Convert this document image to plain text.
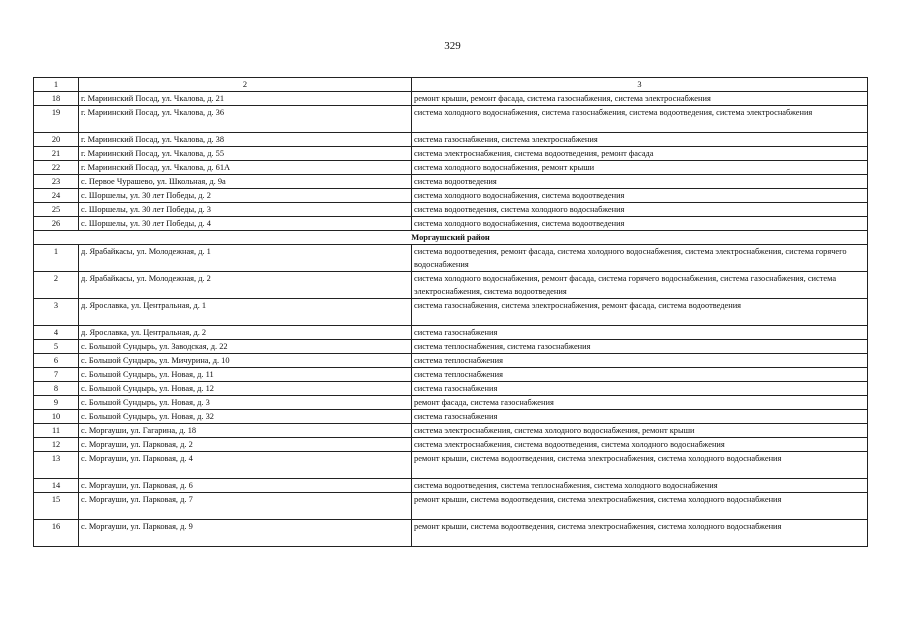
329
1	2	3
18	г. Мариинский Посад, ул. Чкалова, д. 21	ремонт крыши, ремонт фасада, система газоснабжения, система электроснабжения
19	г. Мариинский Посад, ул. Чкалова, д. 36	система холодного водоснабжения, система газоснабжения, система водоотведения, система электроснабжения
20	г. Мариинский Посад, ул. Чкалова, д. 38	система газоснабжения, система электроснабжения
21	г. Мариинский Посад, ул. Чкалова, д. 55	система электроснабжения, система водоотведения, ремонт фасада
22	г. Мариинский Посад, ул. Чкалова, д. 61А	система холодного водоснабжения, ремонт крыши
23	с. Первое Чурашево, ул. Школьная, д. 9а	система водоотведения
24	с. Шоршелы, ул. 30 лет Победы, д. 2	система холодного водоснабжения, система водоотведения
25	с. Шоршелы, ул. 30 лет Победы, д. 3	система водоотведения, система холодного водоснабжения
26	с. Шоршелы, ул. 30 лет Победы, д. 4	система холодного водоснабжения, система водоотведения
Моргаушский район		
1	д. Ярабайкасы, ул. Молодежная, д. 1	система водоотведения, ремонт фасада, система холодного водоснабжения, система электроснабжения, система горячего водоснабжения
2	д. Ярабайкасы, ул. Молодежная, д. 2	система холодного водоснабжения, ремонт фасада, система горячего водоснабжения, система газоснабжения, система электроснабжения, система водоотведения
3	д. Ярославка, ул. Центральная, д. 1	система газоснабжения, система электроснабжения, ремонт фасада, система водоотведения
4	д. Ярославка, ул. Центральная, д. 2	система газоснабжения
5	с. Большой Сундырь, ул. Заводская, д. 22	система теплоснабжения, система газоснабжения
6	с. Большой Сундырь, ул. Мичурина, д. 10	система теплоснабжения
7	с. Большой Сундырь, ул. Новая, д. 11	система теплоснабжения
8	с. Большой Сундырь, ул. Новая, д. 12	система газоснабжения
9	с. Большой Сундырь, ул. Новая, д. 3	ремонт фасада, система газоснабжения
10	с. Большой Сундырь, ул. Новая, д. 32	система газоснабжения
11	с. Моргауши, ул. Гагарина, д. 18	система электроснабжения, система холодного водоснабжения, ремонт крыши
12	с. Моргауши, ул. Парковая, д. 2	система электроснабжения, система водоотведения, система холодного водоснабжения
13	с. Моргауши, ул. Парковая, д. 4	ремонт крыши, система водоотведения, система электроснабжения, система холодного водоснабжения
14	с. Моргауши, ул. Парковая, д. 6	система водоотведения, система теплоснабжения, система холодного водоснабжения
15	с. Моргауши, ул. Парковая, д. 7	ремонт крыши, система водоотведения, система электроснабжения, система холодного водоснабжения
16	с. Моргауши, ул. Парковая, д. 9	ремонт крыши, система водоотведения, система электроснабжения, система холодного водоснабжения
